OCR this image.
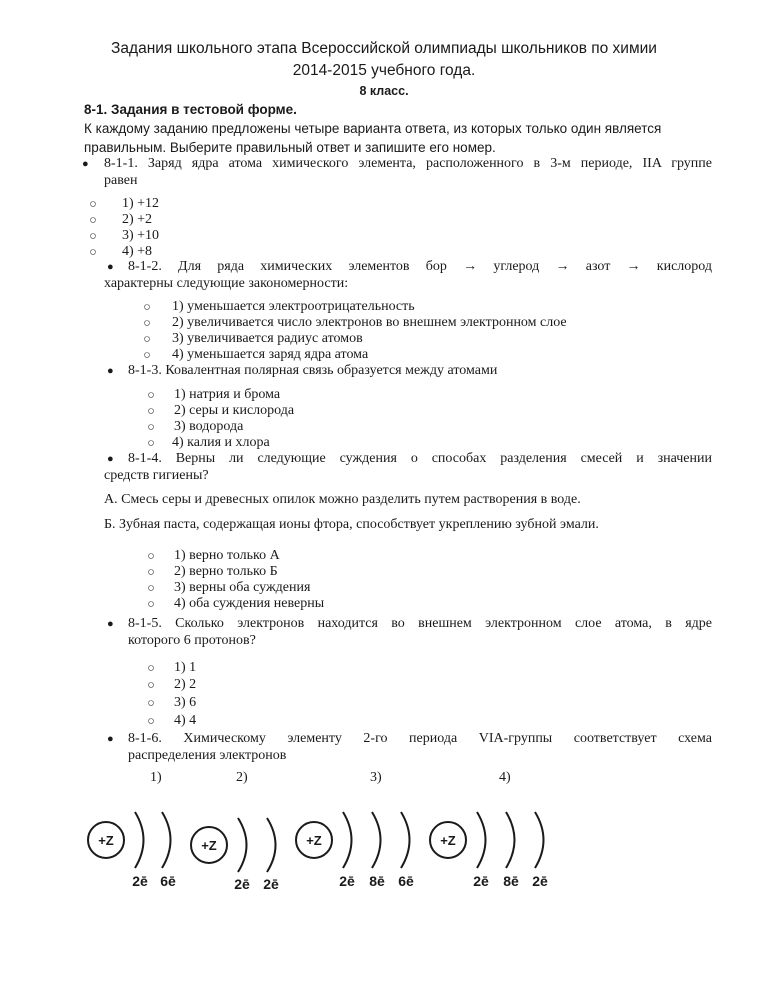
Задания школьного этапа Всероссийской олимпиады школьников по химии
2014-2015 учебного года.
8 класс.
8-1. Задания в тестовой форме.
К каждому заданию предложены четыре варианта ответа, из которых только один является
правильным. Выберите правильный ответ и запишите его номер.
● 8-1-1. Заряд ядра атома химического элемента, расположенного в 3-м периоде, IIA группе
равен
1) +12
2) +2
3) +10
4) +8
● 8-1-2. Для ряда химических элементов бор → углерод → азот → кислород
характерны следующие закономерности:
1) уменьшается электроотрицательность
2) увеличивается число электронов во внешнем электронном слое
3) увеличивается радиус атомов
4) уменьшается заряд ядра атома
● 8-1-3. Ковалентная полярная связь образуется между атомами
1) натрия и брома
2) серы и кислорода
3) водорода
4) калия и хлора
● 8-1-4. Верны ли следующие суждения о способах разделения смесей и значении
средств гигиены?
А. Смесь серы и древесных опилок можно разделить путем растворения в воде.
Б. Зубная паста, содержащая ионы фтора, способствует укреплению зубной эмали.
1) верно только А
2) верно только Б
3) верны оба суждения
4) оба суждения неверны
● 8-1-5. Сколько электронов находится во внешнем электронном слое атома, в ядре
которого 6 протонов?
1) 1
2) 2
3) 6
4) 4
● 8-1-6. Химическому элементу 2-го периода VIA-группы соответствует схема
распределения электронов
1)	2)	3)	4)
+Z	+Z	+Z	+Z
2ē 6ē	2ē 2ē	2ē 8ē 6ē	2ē 8ē 2ē
